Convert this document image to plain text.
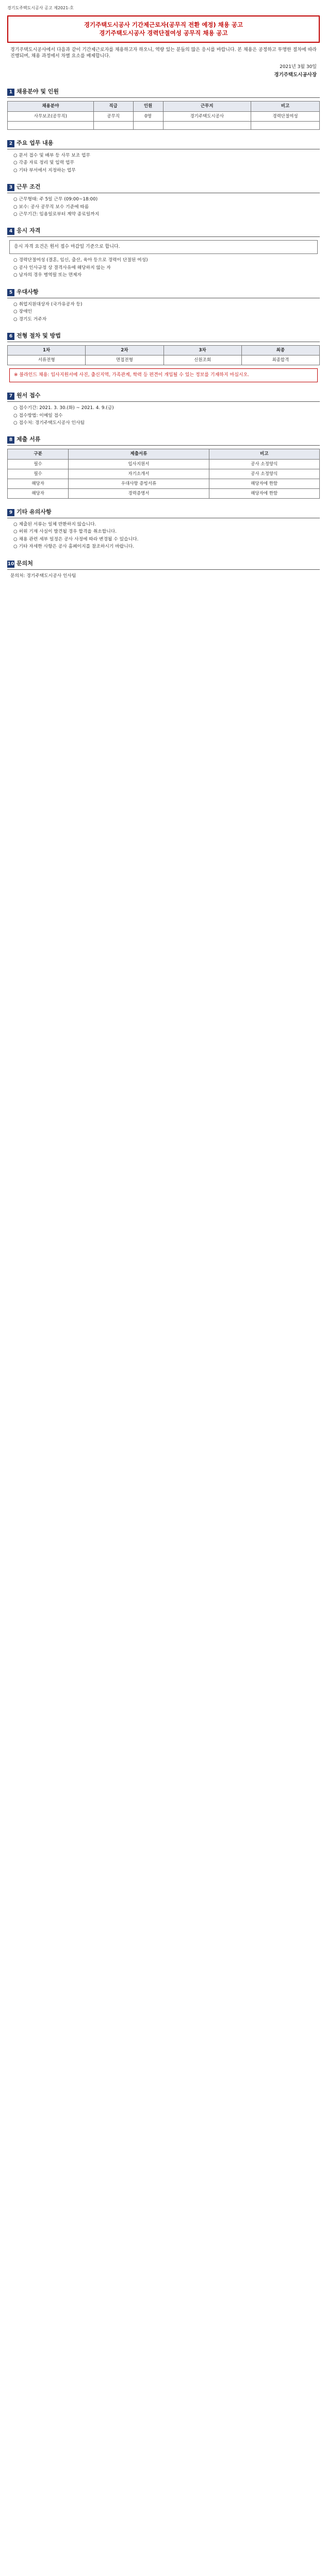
경기도주택도시공사 공고 제2021-호
경기주택도시공사 기간제근로자(공무직 전환 예정) 채용 공고
경기주택도시공사 경력단절여성 공무직 채용 공고
경기주택도시공사에서 다음과 같이 기간제근로자를 채용하고자 하오니, 역량 있는 분들의 많은 응시를 바랍니다. 본 채용은 공정하고 투명한 절차에 따라 진행되며, 채용 과정에서 차별 요소를 배제합니다.
2021년 3월 30일
경기주택도시공사장
1 채용분야 및 인원
채용분야	직급	인원	근무지	비고
사무보조(공무직)	공무직	0명	경기주택도시공사	경력단절여성

2 주요 업무 내용
○ 문서 접수 및 배부 등 사무 보조 업무
○ 각종 자료 정리 및 입력 업무
○ 기타 부서에서 지정하는 업무
3 근무 조건
○ 근무형태: 주 5일 근무 (09:00~18:00)
○ 보수: 공사 공무직 보수 기준에 따름
○ 근무기간: 임용일로부터 계약 종료일까지
4 응시 자격
응시 자격 요건은 원서 접수 마감일 기준으로 합니다.
○ 경력단절여성 (결혼, 임신, 출산, 육아 등으로 경력이 단절된 여성)
○ 공사 인사규정 상 결격사유에 해당하지 않는 자
○ 남자의 경우 병역필 또는 면제자
5 우대사항
○ 취업지원대상자 (국가유공자 등)
○ 장애인
○ 경기도 거주자
6 전형 절차 및 방법
1차	2차	3차	최종
서류전형	면접전형	신원조회	최종합격
※ 블라인드 채용: 입사지원서에 사진, 출신지역, 가족관계, 학력 등 편견이 개입될 수 있는 정보를 기재하지 마십시오.
7 원서 접수
○ 접수기간: 2021. 3. 30.(화) ~ 2021. 4. 9.(금)
○ 접수방법: 이메일 접수
○ 접수처: 경기주택도시공사 인사팀
8 제출 서류
구분	제출서류	비고
필수	입사지원서	공사 소정양식
필수	자기소개서	공사 소정양식
해당자	우대사항 증빙서류	해당자에 한함
해당자	경력증명서	해당자에 한함
9 기타 유의사항
○ 제출된 서류는 일체 반환하지 않습니다.
○ 허위 기재 사실이 발견될 경우 합격을 취소합니다.
○ 채용 관련 세부 일정은 공사 사정에 따라 변경될 수 있습니다.
○ 기타 자세한 사항은 공사 홈페이지를 참조하시기 바랍니다.
10 문의처
문의처: 경기주택도시공사 인사팀
